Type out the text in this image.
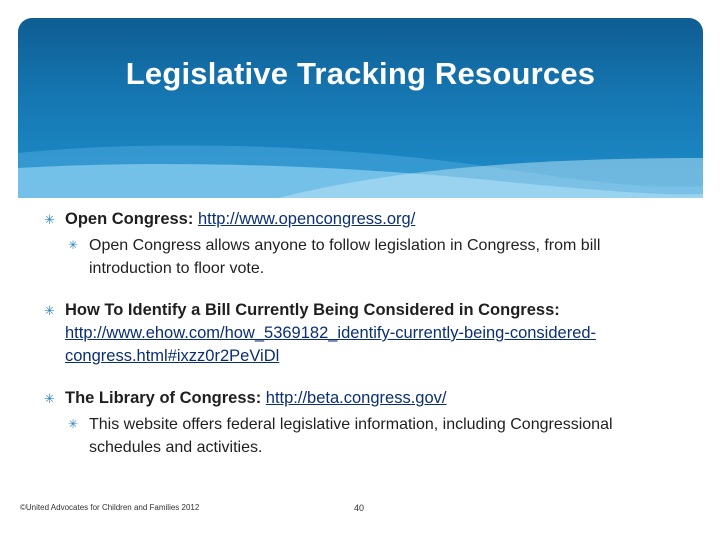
Legislative Tracking Resources
✳ Open Congress: http://www.opencongress.org/
✳ Open Congress allows anyone to follow legislation in Congress, from bill introduction to floor vote.
✳ How To Identify a Bill Currently Being Considered in Congress:
http://www.ehow.com/how_5369182_identify-currently-being-considered-congress.html#ixzz0r2PeViDl
✳ The Library of Congress: http://beta.congress.gov/
✳ This website offers federal legislative information, including Congressional schedules and activities.
©United Advocates for Children and Families 2012	40
